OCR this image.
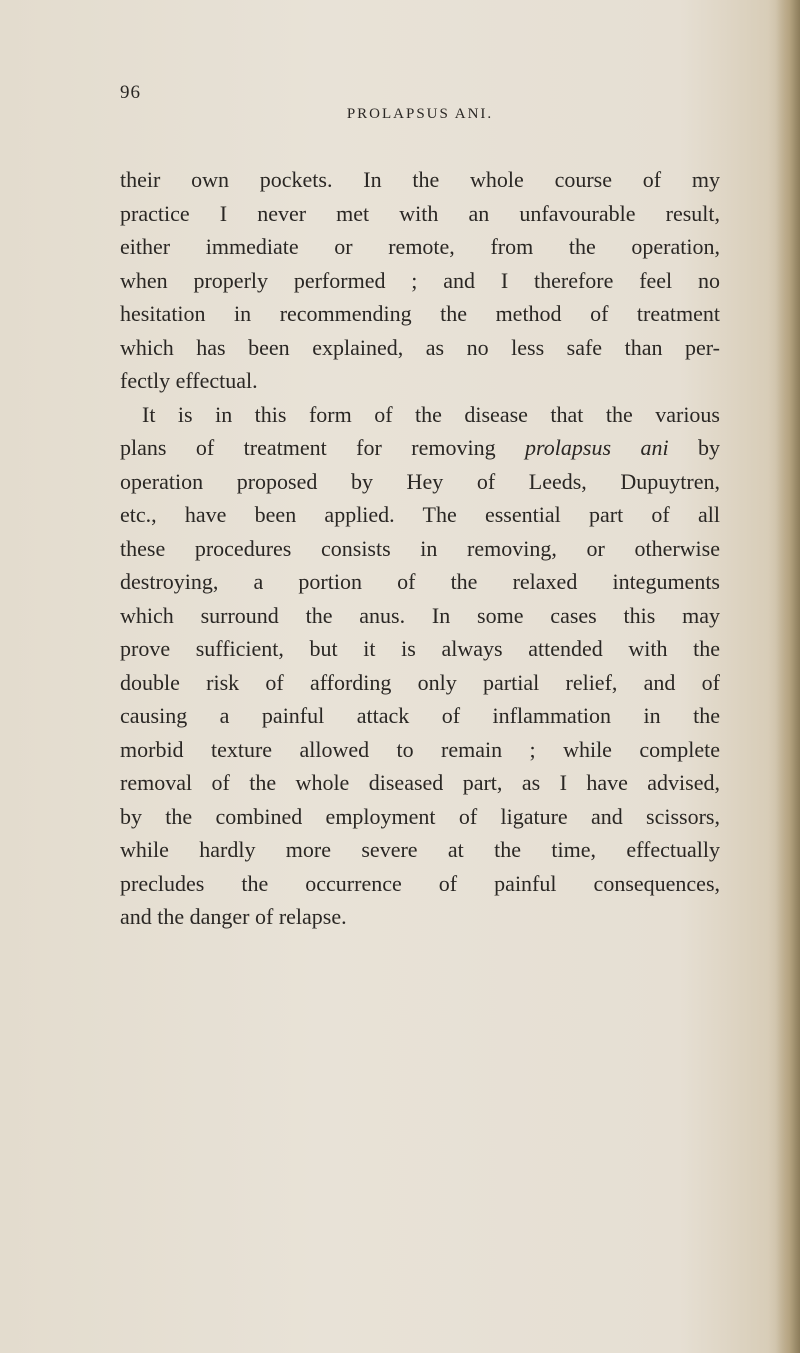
96
PROLAPSUS ANI.
their own pockets. In the whole course of my
practice I never met with an unfavourable result,
either immediate or remote, from the operation,
when properly performed ; and I therefore feel no
hesitation in recommending the method of treatment
which has been explained, as no less safe than per-
fectly effectual.
It is in this form of the disease that the various
plans of treatment for removing prolapsus ani by
operation proposed by Hey of Leeds, Dupuytren,
etc., have been applied. The essential part of all
these procedures consists in removing, or otherwise
destroying, a portion of the relaxed integuments
which surround the anus. In some cases this may
prove sufficient, but it is always attended with the
double risk of affording only partial relief, and of
causing a painful attack of inflammation in the
morbid texture allowed to remain ; while complete
removal of the whole diseased part, as I have advised,
by the combined employment of ligature and scissors,
while hardly more severe at the time, effectually
precludes the occurrence of painful consequences,
and the danger of relapse.
